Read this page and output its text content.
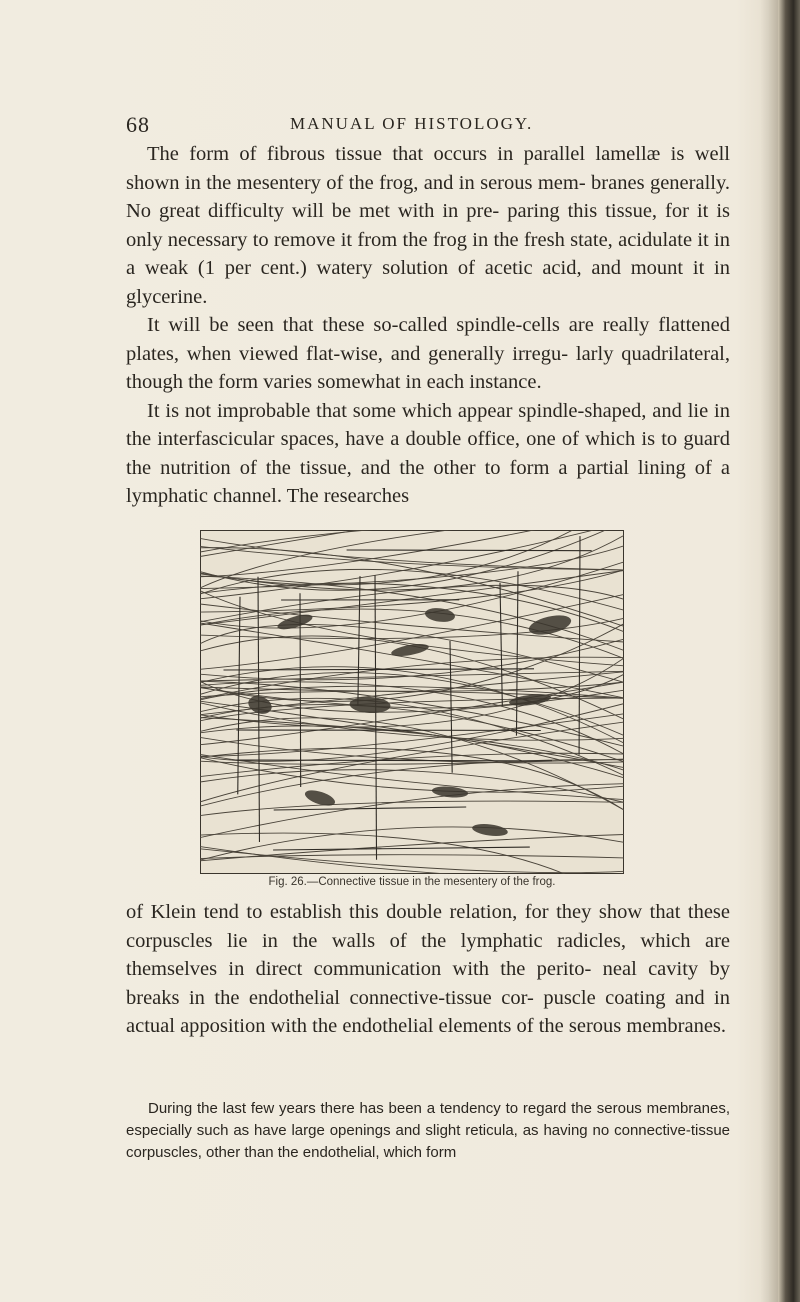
68	MANUAL OF HISTOLOGY.

The form of fibrous tissue that occurs in parallel lamellæ is well shown in the mesentery of the frog, and in serous mem- branes generally. No great difficulty will be met with in pre- paring this tissue, for it is only necessary to remove it from the frog in the fresh state, acidulate it in a weak (1 per cent.) watery solution of acetic acid, and mount it in glycerine.

It will be seen that these so-called spindle-cells are really flattened plates, when viewed flat-wise, and generally irregu- larly quadrilateral, though the form varies somewhat in each instance.

It is not improbable that some which appear spindle-shaped, and lie in the interfascicular spaces, have a double office, one of which is to guard the nutrition of the tissue, and the other to form a partial lining of a lymphatic channel. The researches

Fig. 26.—Connective tissue in the mesentery of the frog.

of Klein tend to establish this double relation, for they show that these corpuscles lie in the walls of the lymphatic radicles, which are themselves in direct communication with the perito- neal cavity by breaks in the endothelial connective-tissue cor- puscle coating and in actual apposition with the endothelial elements of the serous membranes.

During the last few years there has been a tendency to regard the serous membranes, especially such as have large openings and slight reticula, as having no connective-tissue corpuscles, other than the endothelial, which form
